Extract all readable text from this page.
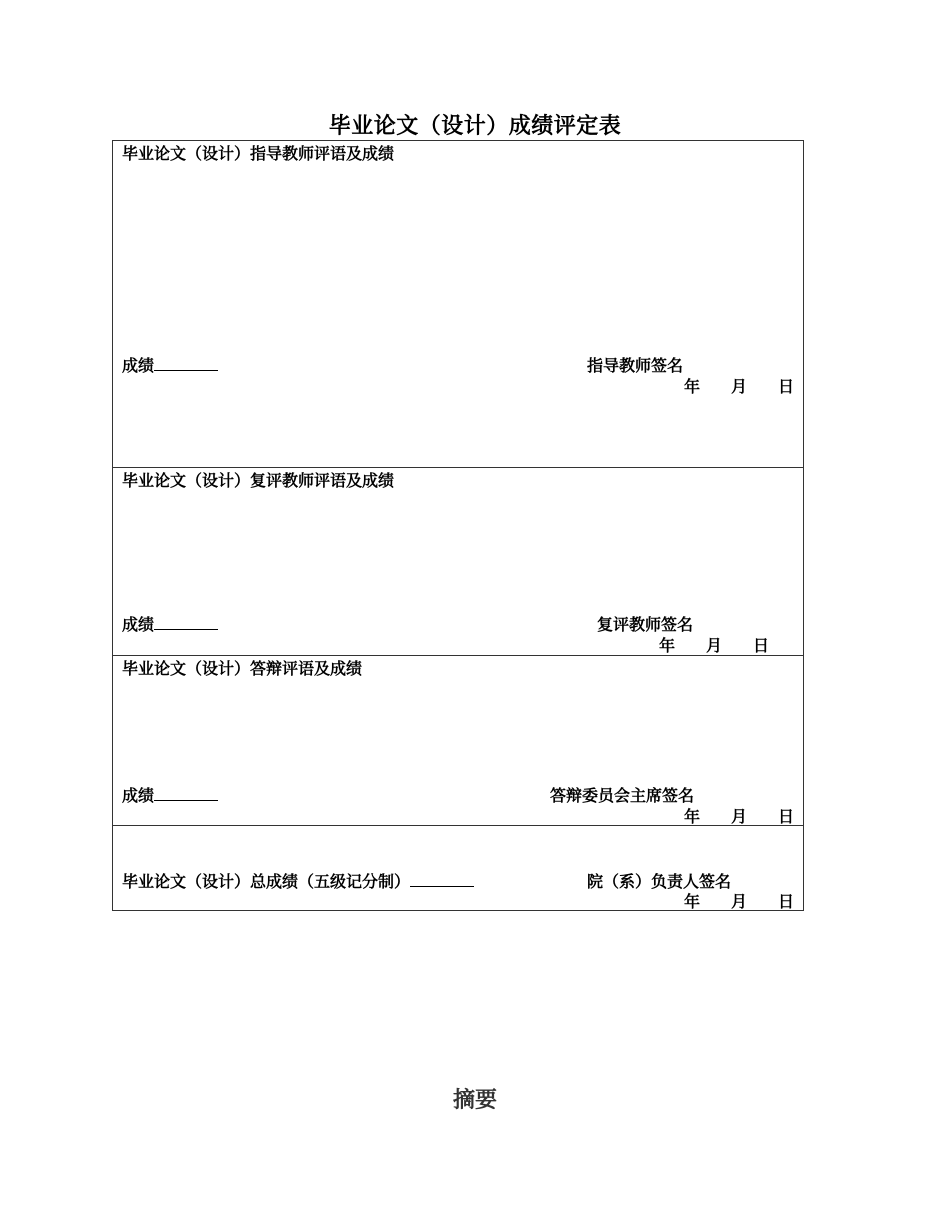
毕业论文（设计）成绩评定表
毕业论文（设计）指导教师评语及成绩
成绩	指导教师签名
年 月 日
毕业论文（设计）复评教师评语及成绩
成绩	复评教师签名
年 月 日
毕业论文（设计）答辩评语及成绩
成绩	答辩委员会主席签名
年 月 日
毕业论文（设计）总成绩（五级记分制）	院（系）负责人签名
年 月 日
摘要
